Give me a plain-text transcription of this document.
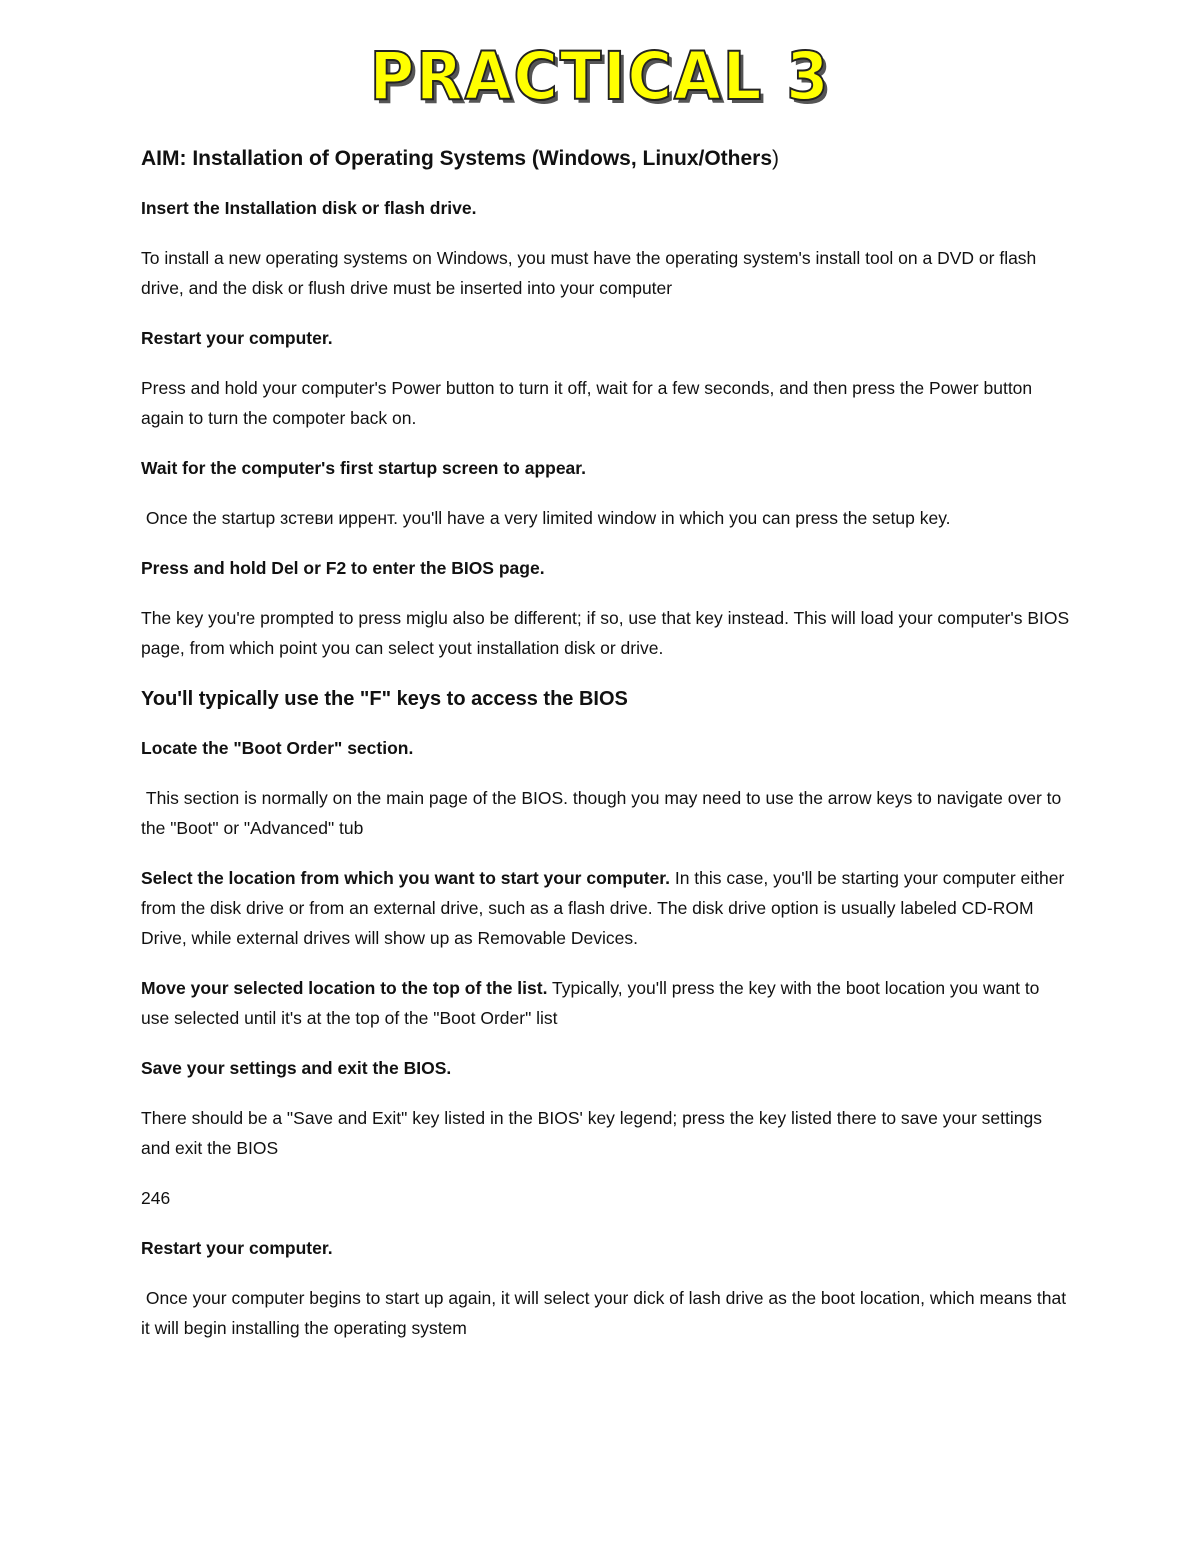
PRACTICAL 3
AIM: Installation of Operating Systems (Windows, Linux/Others)
Insert the Installation disk or flash drive.
To install a new operating systems on Windows, you must have the operating system's install tool on a DVD or flash drive, and the disk or flush drive must be inserted into your computer
Restart your computer.
Press and hold your computer's Power button to turn it off, wait for a few seconds, and then press the Power button again to turn the compoter back on.
Wait for the computer's first startup screen to appear.
Once the startup ɜстеви иррент. you'll have a very limited window in which you can press the setup key.
Press and hold Del or F2 to enter the BIOS page.
The key you're prompted to press miglu also be different; if so, use that key instead. This will load your computer's BIOS page, from which point you can select yout installation disk or drive.
You'll typically use the "F" keys to access the BIOS
Locate the "Boot Order" section.
This section is normally on the main page of the BIOS. though you may need to use the arrow keys to navigate over to the "Boot" or "Advanced" tub
Select the location from which you want to start your computer. In this case, you'll be starting your computer either from the disk drive or from an external drive, such as a flash drive. The disk drive option is usually labeled CD-ROM Drive, while external drives will show up as Removable Devices.
Move your selected location to the top of the list. Typically, you'll press the key with the boot location you want to use selected until it's at the top of the "Boot Order" list
Save your settings and exit the BIOS.
There should be a "Save and Exit" key listed in the BIOS' key legend; press the key listed there to save your settings and exit the BIOS
246
Restart your computer.
Once your computer begins to start up again, it will select your dick of lash drive as the boot location, which means that it will begin installing the operating system
